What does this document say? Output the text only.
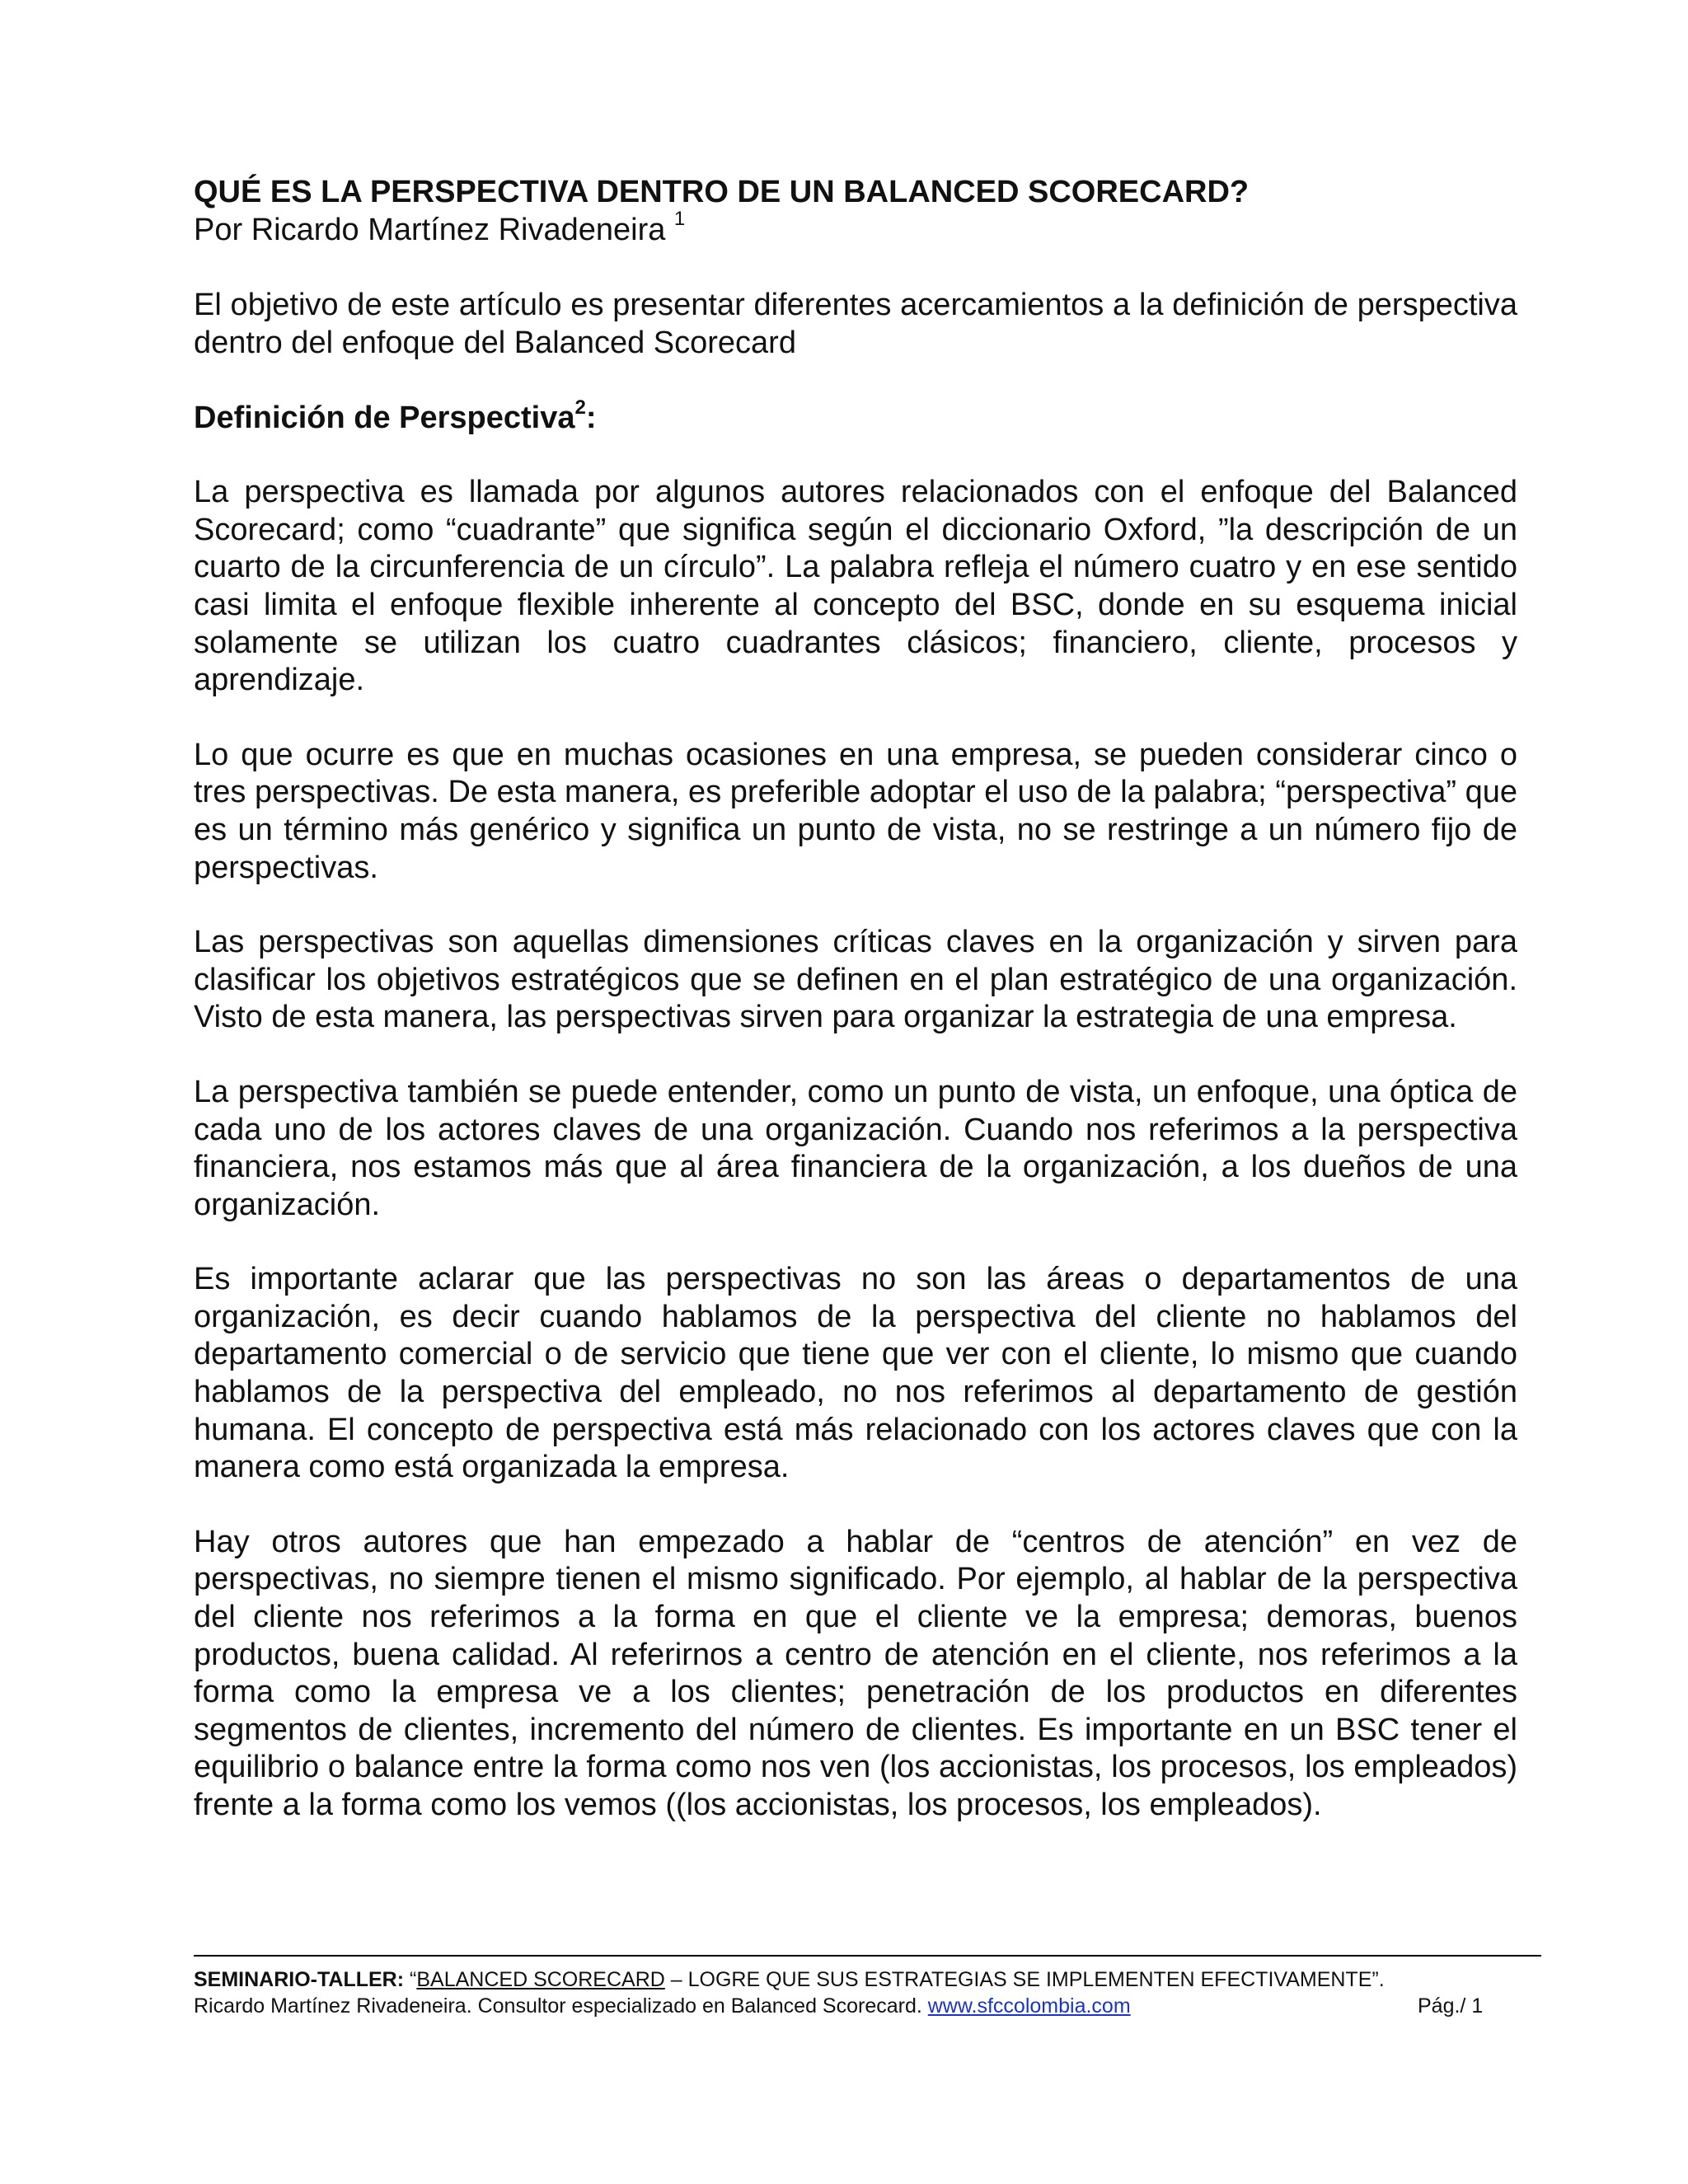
QUÉ ES LA PERSPECTIVA DENTRO DE UN BALANCED SCORECARD?

Por Ricardo Martínez Rivadeneira $^1$

El objetivo de este artículo es presentar diferentes acercamientos a la definición de perspectiva dentro del enfoque del Balanced Scorecard

Definición de Perspectiva$^2$:

La perspectiva es llamada por algunos autores relacionados con el enfoque del Balanced Scorecard; como “cuadrante” que significa según el diccionario Oxford, ”la descripción de un cuarto de la circunferencia de un círculo”. La palabra refleja el número cuatro y en ese sentido casi limita el enfoque flexible inherente al concepto del BSC, donde en su esquema inicial solamente se utilizan los cuatro cuadrantes clásicos; financiero, cliente, procesos y aprendizaje.

Lo que ocurre es que en muchas ocasiones en una empresa, se pueden considerar cinco o tres perspectivas. De esta manera, es preferible adoptar el uso de la palabra; “perspectiva” que es un término más genérico y significa un punto de vista, no se restringe a un número fijo de perspectivas.

Las perspectivas son aquellas dimensiones críticas claves en la organización y sirven para clasificar los objetivos estratégicos que se definen en el plan estratégico de una organización. Visto de esta manera, las perspectivas sirven para organizar la estrategia de una empresa.

La perspectiva también se puede entender, como un punto de vista, un enfoque, una óptica de cada uno de los actores claves de una organización. Cuando nos referimos a la perspectiva financiera, nos estamos más que al área financiera de la organización, a los dueños de una organización.

Es importante aclarar que las perspectivas no son las áreas o departamentos de una organización, es decir cuando hablamos de la perspectiva del cliente no hablamos del departamento comercial o de servicio que tiene que ver con el cliente, lo mismo que cuando hablamos de la perspectiva del empleado, no nos referimos al departamento de gestión humana. El concepto de perspectiva está más relacionado con los actores claves que con la manera como está organizada la empresa.

Hay otros autores que han empezado a hablar de “centros de atención” en vez de perspectivas, no siempre tienen el mismo significado. Por ejemplo, al hablar de la perspectiva del cliente nos referimos a la forma en que el cliente ve la empresa; demoras, buenos productos, buena calidad. Al referirnos a centro de atención en el cliente, nos referimos a la forma como la empresa ve a los clientes; penetración de los productos en diferentes segmentos de clientes, incremento del número de clientes. Es importante en un BSC tener el equilibrio o balance entre la forma como nos ven (los accionistas, los procesos, los empleados) frente a la forma como los vemos ((los accionistas, los procesos, los empleados).

SEMINARIO-TALLER: “BALANCED SCORECARD – LOGRE QUE SUS ESTRATEGIAS SE IMPLEMENTEN EFECTIVAMENTE”.
Ricardo Martínez Rivadeneira. Consultor especializado en Balanced Scorecard. www.sfccolombia.com	Pág./ 1
